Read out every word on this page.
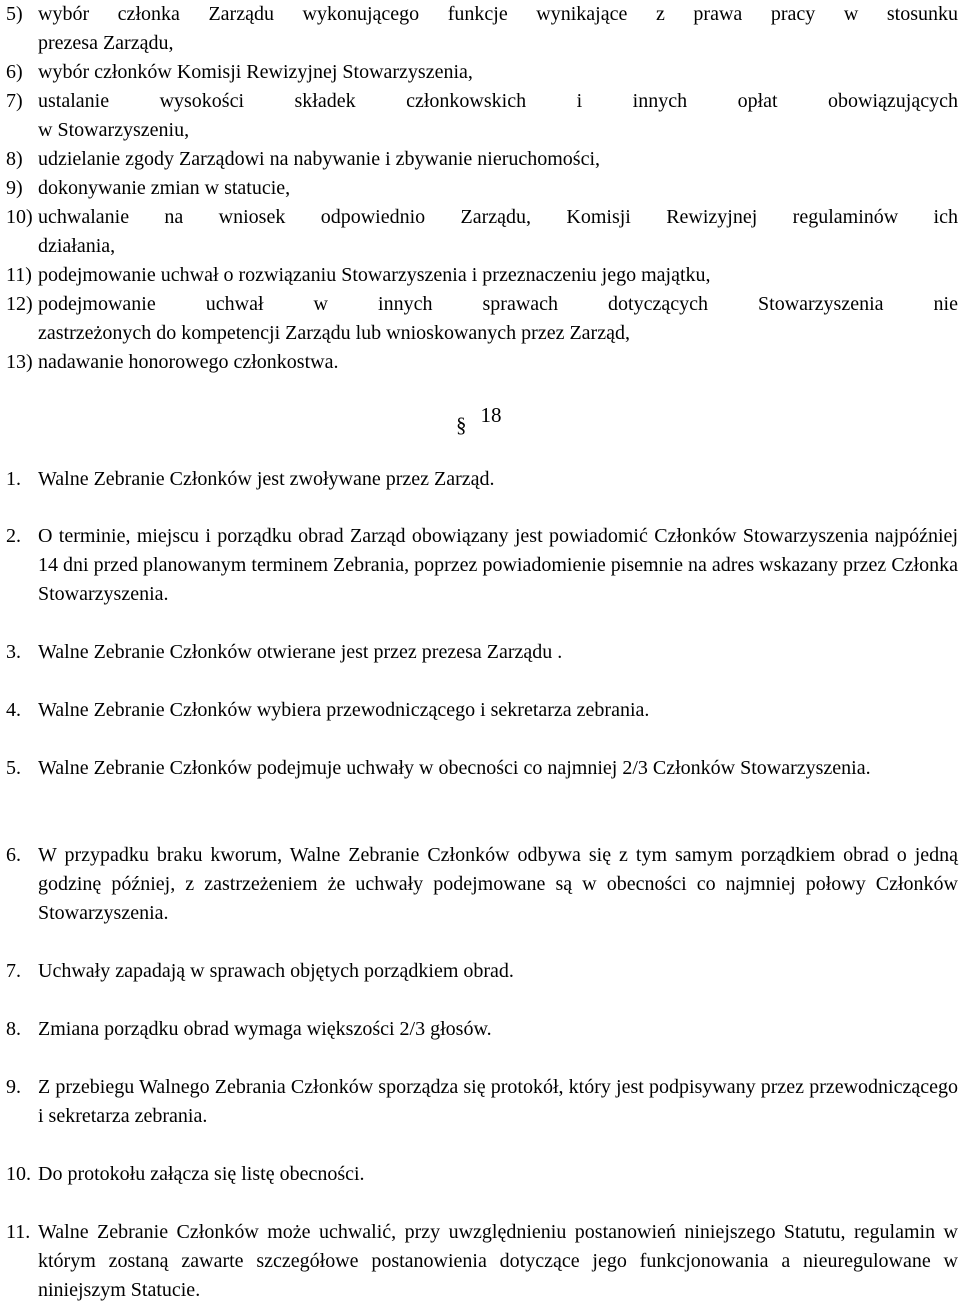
5) wybór członka Zarządu wykonującego funkcje wynikające z prawa pracy w stosunku
prezesa Zarządu,
6) wybór członków Komisji Rewizyjnej Stowarzyszenia,
7) ustalanie wysokości składek członkowskich i innych opłat obowiązujących
w Stowarzyszeniu,
8) udzielanie zgody Zarządowi na nabywanie i zbywanie nieruchomości,
9) dokonywanie zmian w statucie,
10) uchwalanie na wniosek odpowiednio Zarządu, Komisji Rewizyjnej regulaminów ich
działania,
11) podejmowanie uchwał o rozwiązaniu Stowarzyszenia i przeznaczeniu jego majątku,
12) podejmowanie uchwał w innych sprawach dotyczących Stowarzyszenia nie
zastrzeżonych do kompetencji Zarządu lub wnioskowanych przez Zarząd,
13) nadawanie honorowego członkostwa.
§ 18
1. Walne Zebranie Członków jest zwoływane przez Zarząd.
2. O terminie, miejscu i porządku obrad Zarząd obowiązany jest powiadomić Członków Stowarzyszenia najpóźniej 14 dni przed planowanym terminem Zebrania, poprzez powiadomienie pisemnie na adres wskazany przez Członka Stowarzyszenia.
3. Walne Zebranie Członków otwierane jest przez prezesa Zarządu .
4. Walne Zebranie Członków wybiera przewodniczącego i sekretarza zebrania.
5. Walne Zebranie Członków podejmuje uchwały w obecności co najmniej 2/3 Członków Stowarzyszenia.
6. W przypadku braku kworum, Walne Zebranie Członków odbywa się z tym samym porządkiem obrad o jedną godzinę później, z zastrzeżeniem że uchwały podejmowane są w obecności co najmniej połowy Członków Stowarzyszenia.
7. Uchwały zapadają w sprawach objętych porządkiem obrad.
8. Zmiana porządku obrad wymaga większości 2/3 głosów.
9. Z przebiegu Walnego Zebrania Członków sporządza się protokół, który jest podpisywany przez przewodniczącego i sekretarza zebrania.
10. Do protokołu załącza się listę obecności.
11. Walne Zebranie Członków może uchwalić, przy uwzględnieniu postanowień niniejszego Statutu, regulamin w którym zostaną zawarte szczegółowe postanowienia dotyczące jego funkcjonowania a nieuregulowane w niniejszym Statucie.
